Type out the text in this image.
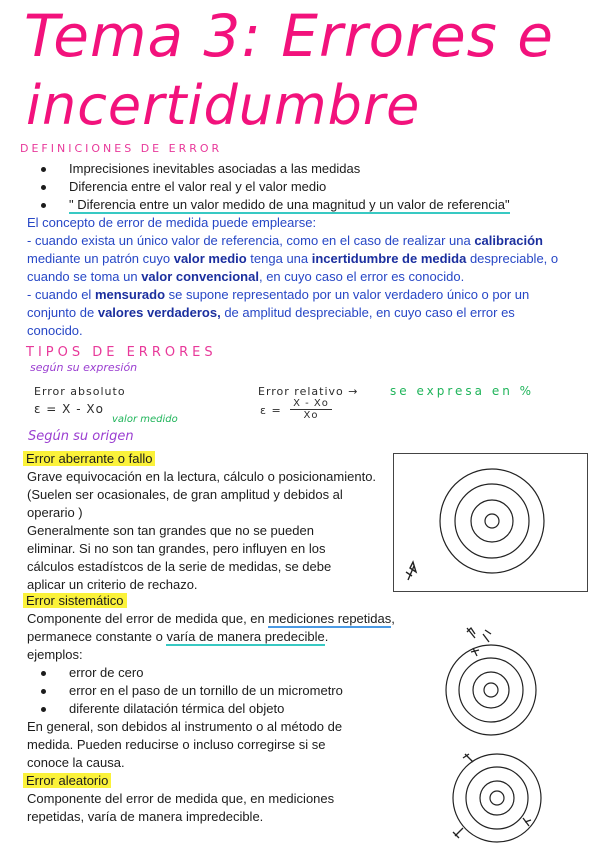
Tema 3: Errores e
incertidumbre
DEFINICIONES DE ERROR
Imprecisiones inevitables asociadas a las medidas
Diferencia entre el valor real y el valor medio
" Diferencia entre un valor medido de una magnitud y un valor de referencia"
El concepto de error de medida puede emplearse:
- cuando exista un único valor de referencia, como en el caso de realizar una calibración
mediante un patrón cuyo valor medio tenga una incertidumbre de medida despreciable, o
cuando se toma un valor convencional, en cuyo caso el error es conocido.
- cuando el mensurado se supone representado por un valor verdadero único o por un
conjunto de valores verdaderos, de amplitud despreciable, en cuyo caso el error es
conocido.
TIPOS DE ERRORES
según su expresión
Error absoluto
ε = X - Xo
valor medido
Error relativo →	se expresa en %
$\varepsilon = \frac{X - Xo}{Xo}$
Según su origen
Error aberrante o fallo
Grave equivocación en la lectura, cálculo o posicionamiento.
(Suelen ser ocasionales, de gran amplitud y debidos al
operario )
Generalmente son tan grandes que no se pueden
eliminar. Si no son tan grandes, pero influyen en los
cálculos estadístcos de la serie de medidas, se debe
aplicar un criterio de rechazo.
Error sistemático
Componente del error de medida que, en mediciones repetidas,
permanece constante o varía de manera predecible.
ejemplos:
error de cero
error en el paso de un tornillo de un micrometro
diferente dilatación térmica del objeto
En general, son debidos al instrumento o al método de
medida. Pueden reducirse o incluso corregirse si se
conoce la causa.
Error aleatorio
Componente del error de medida que, en mediciones
repetidas, varía de manera impredecible.
